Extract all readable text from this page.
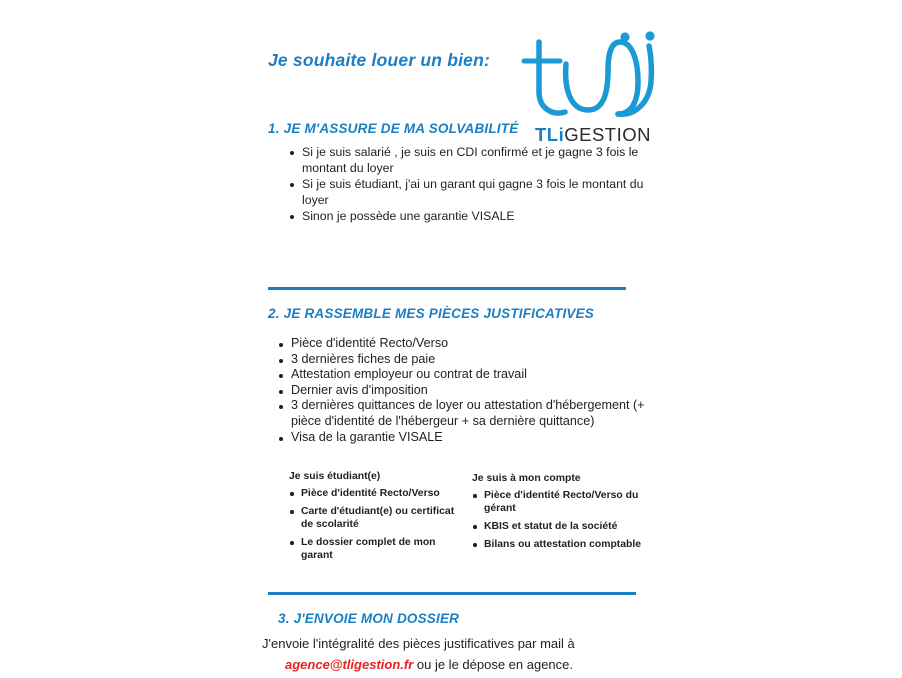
Je souhaite louer un bien:
TLiGESTION
1. JE M'ASSURE DE MA SOLVABILITÉ
Si je suis salarié , je suis en CDI confirmé et je gagne 3 fois le montant du loyer
Si je suis étudiant, j'ai un garant qui gagne 3 fois le montant du loyer
Sinon je possède une garantie VISALE
2. JE RASSEMBLE MES PIÈCES JUSTIFICATIVES
Pièce d'identité Recto/Verso
3 dernières fiches de paie
Attestation employeur ou contrat de travail
Dernier avis d'imposition
3 dernières quittances de loyer ou attestation d'hébergement (+ pièce d'identité de l'hébergeur + sa dernière quittance)
Visa de la garantie VISALE
Je suis étudiant(e)
Pièce d'identité Recto/Verso
Carte d'étudiant(e) ou certificat de scolarité
Le dossier complet de mon garant
Je suis à mon compte
Pièce d'identité Recto/Verso du gérant
KBIS et statut de la société
Bilans ou attestation comptable
3. J'ENVOIE MON DOSSIER
J'envoie l'intégralité des pièces justificatives par mail à
agence@tligestion.fr ou je le dépose en agence.
